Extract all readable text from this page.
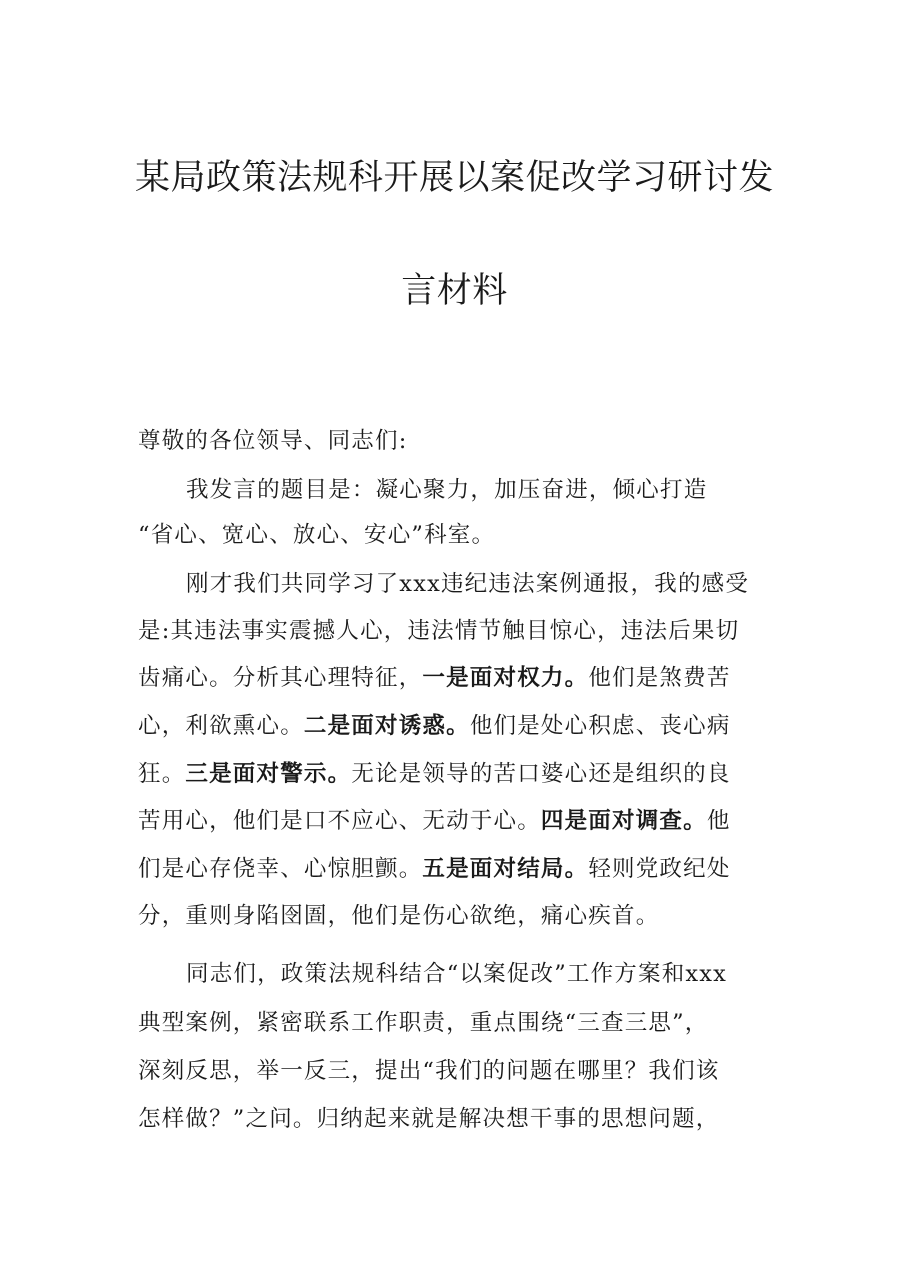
某局政策法规科开展以案促改学习研讨发
言材料
尊敬的各位领导、同志们:
我发言的题目是：凝心聚力，加压奋进，倾心打造
“省心、宽心、放心、安心”科室。
刚才我们共同学习了xxx违纪违法案例通报，我的感受
是:其违法事实震撼人心，违法情节触目惊心，违法后果切
齿痛心。分析其心理特征，一是面对权力。他们是煞费苦
心，利欲熏心。二是面对诱惑。他们是处心积虑、丧心病
狂。三是面对警示。无论是领导的苦口婆心还是组织的良
苦用心，他们是口不应心、无动于心。四是面对调查。他
们是心存侥幸、心惊胆颤。五是面对结局。轻则党政纪处
分，重则身陷囹圄，他们是伤心欲绝，痛心疾首。
同志们，政策法规科结合“以案促改”工作方案和xxx
典型案例，紧密联系工作职责，重点围绕“三查三思”，
深刻反思，举一反三，提出“我们的问题在哪里？我们该
怎样做？”之问。归纳起来就是解决想干事的思想问题，
